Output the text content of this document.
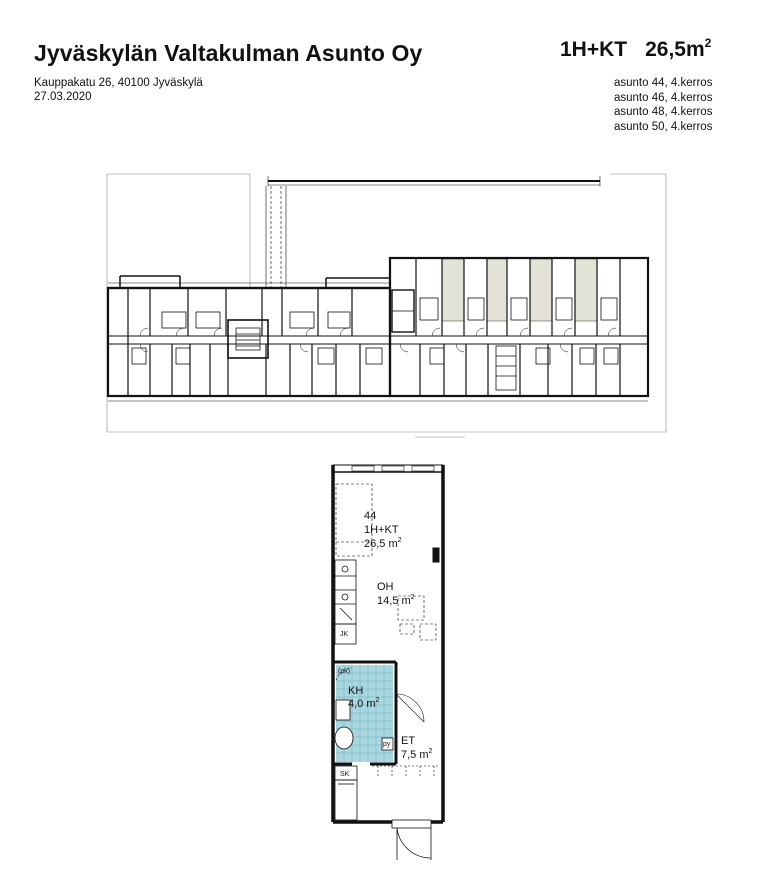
Jyväskylän Valtakulman Asunto Oy
Kauppakatu 26, 40100 Jyväskylä
27.03.2020
1H+KT $26,5m^2$
asunto 44, 4.kerros
asunto 46, 4.kerros
asunto 48, 4.kerros
asunto 50, 4.kerros
44
1H+KT
26,5 $m^2$
OH
14,5 $m^2$
KH
4,0 $m^2$
ET
7,5 $m^2$
JK
SK
(pk)
py
